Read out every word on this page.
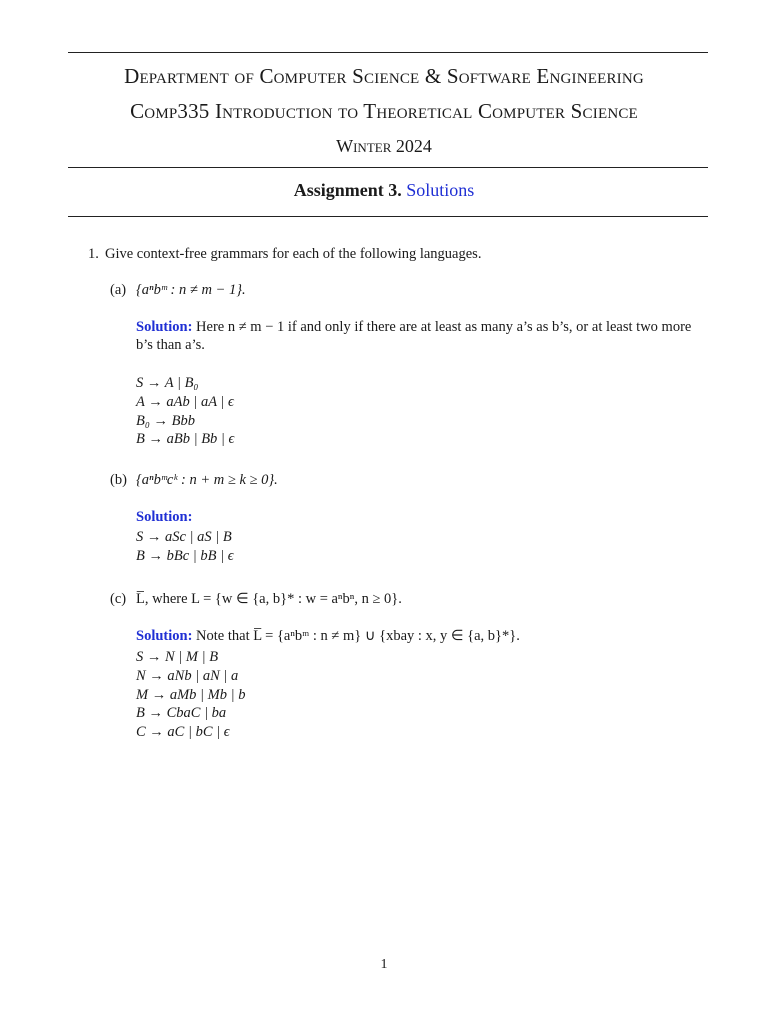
Department of Computer Science & Software Engineering
Comp335 Introduction to Theoretical Computer Science
Winter 2024
Assignment 3. Solutions
1. Give context-free grammars for each of the following languages.
(a) {aⁿbᵐ : n ≠ m − 1}.
Solution: Here n ≠ m − 1 if and only if there are at least as many a’s as b’s, or at least two more b’s than a’s.
S → A | B₀
A → aAb | aA | ϵ
B₀ → Bbb
B → aBb | Bb | ϵ
(b) {aⁿbᵐcᵏ : n + m ≥ k ≥ 0}.
Solution:
S → aSc | aS | B
B → bBc | bB | ϵ
(c) L̅, where L = {w ∈ {a, b}* : w = aⁿbⁿ, n ≥ 0}.
Solution: Note that L̅ = {aⁿbᵐ : n ≠ m} ∪ {xbay : x, y ∈ {a, b}*}.
S → N | M | B
N → aNb | aN | a
M → aMb | Mb | b
B → CbaC | ba
C → aC | bC | ϵ
1
